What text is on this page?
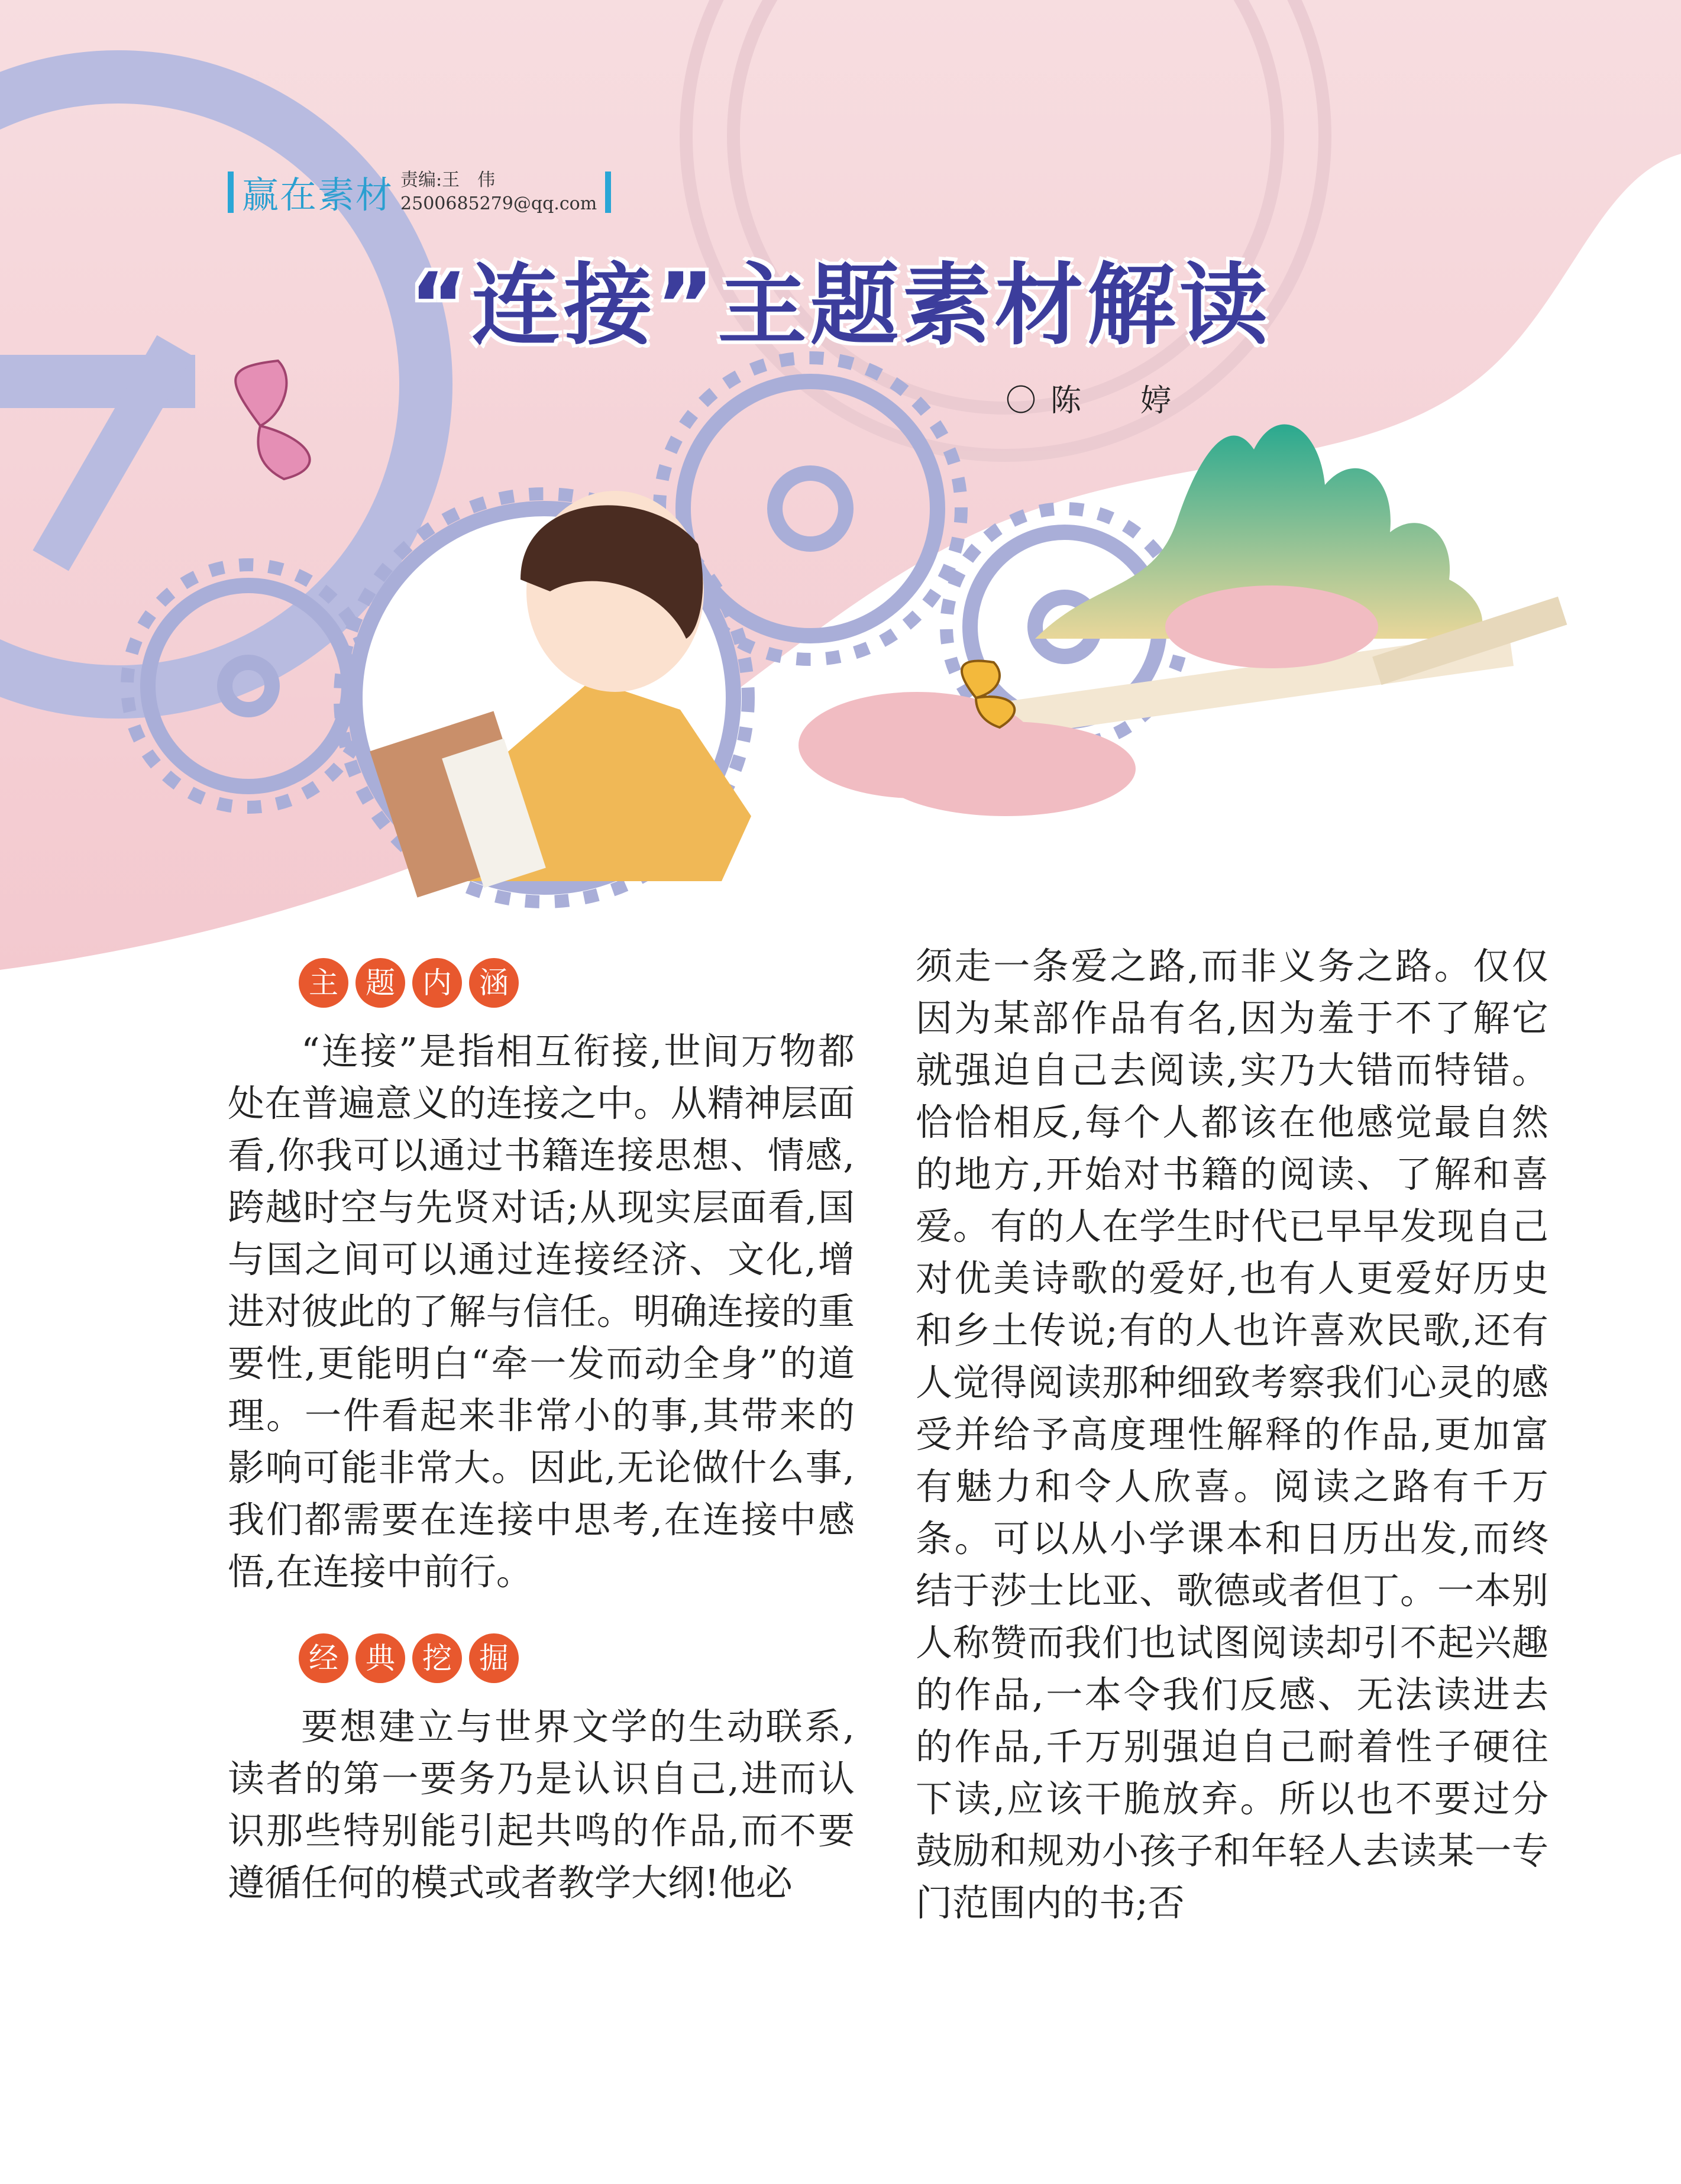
赢在素材 责编:王　伟
2500685279@qq.com
“连接”主题素材解读
〇陈　婷
主 题 内 涵

“连接”是指相互衔接,世间万物都处在普遍意义的连接之中。从精神层面看,你我可以通过书籍连接思想、情感,跨越时空与先贤对话;从现实层面看,国与国之间可以通过连接经济、文化,增进对彼此的了解与信任。明确连接的重要性,更能明白“牵一发而动全身”的道理。一件看起来非常小的事,其带来的影响可能非常大。因此,无论做什么事,我们都需要在连接中思考,在连接中感悟,在连接中前行。

经 典 挖 掘

要想建立与世界文学的生动联系,读者的第一要务乃是认识自己,进而认识那些特别能引起共鸣的作品,而不要遵循任何的模式或者教学大纲!他必

须走一条爱之路,而非义务之路。仅仅因为某部作品有名,因为羞于不了解它就强迫自己去阅读,实乃大错而特错。恰恰相反,每个人都该在他感觉最自然的地方,开始对书籍的阅读、了解和喜爱。有的人在学生时代已早早发现自己对优美诗歌的爱好,也有人更爱好历史和乡土传说;有的人也许喜欢民歌,还有人觉得阅读那种细致考察我们心灵的感受并给予高度理性解释的作品,更加富有魅力和令人欣喜。阅读之路有千万条。可以从小学课本和日历出发,而终结于莎士比亚、歌德或者但丁。一本别人称赞而我们也试图阅读却引不起兴趣的作品,一本令我们反感、无法读进去的作品,千万别强迫自己耐着性子硬往下读,应该干脆放弃。所以也不要过分鼓励和规劝小孩子和年轻人去读某一专门范围内的书;否
